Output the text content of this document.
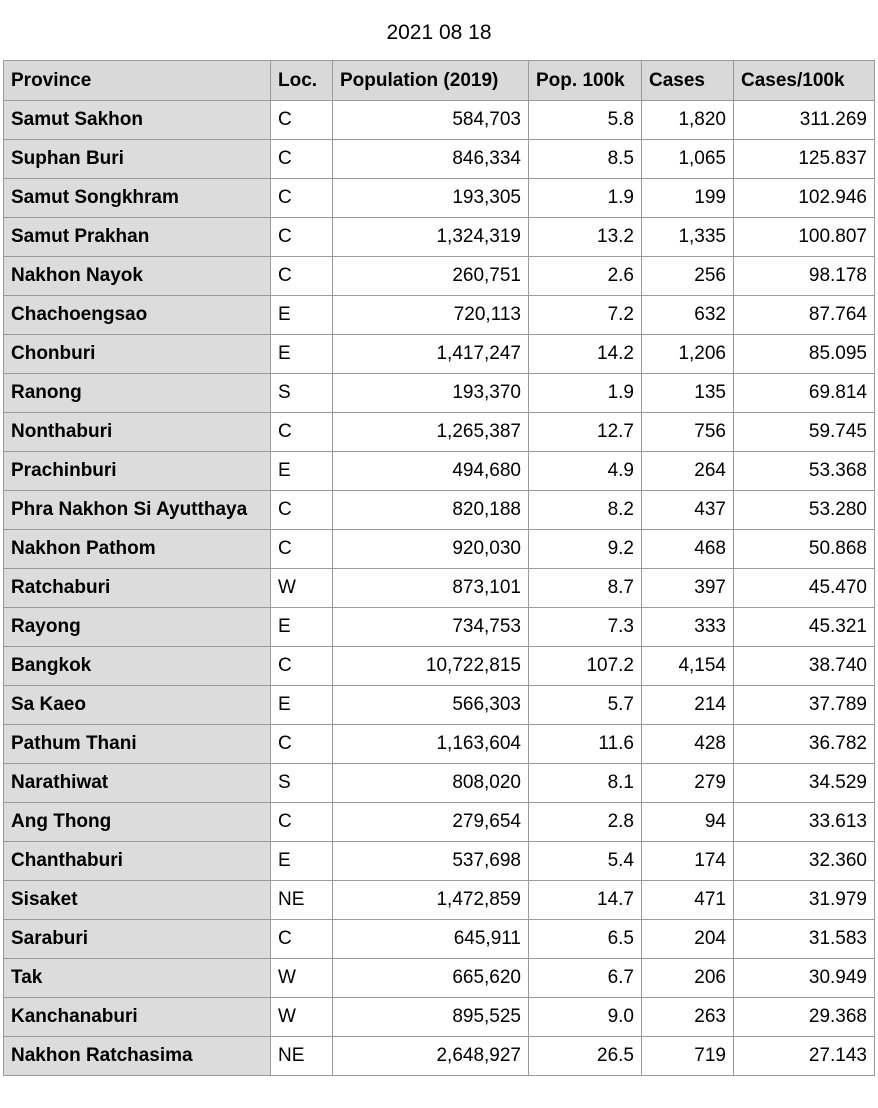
2021 08 18
Province	Loc.	Population (2019)	Pop. 100k	Cases	Cases/100k
Samut Sakhon	C	584,703	5.8	1,820	311.269
Suphan Buri	C	846,334	8.5	1,065	125.837
Samut Songkhram	C	193,305	1.9	199	102.946
Samut Prakhan	C	1,324,319	13.2	1,335	100.807
Nakhon Nayok	C	260,751	2.6	256	98.178
Chachoengsao	E	720,113	7.2	632	87.764
Chonburi	E	1,417,247	14.2	1,206	85.095
Ranong	S	193,370	1.9	135	69.814
Nonthaburi	C	1,265,387	12.7	756	59.745
Prachinburi	E	494,680	4.9	264	53.368
Phra Nakhon Si Ayutthaya	C	820,188	8.2	437	53.280
Nakhon Pathom	C	920,030	9.2	468	50.868
Ratchaburi	W	873,101	8.7	397	45.470
Rayong	E	734,753	7.3	333	45.321
Bangkok	C	10,722,815	107.2	4,154	38.740
Sa Kaeo	E	566,303	5.7	214	37.789
Pathum Thani	C	1,163,604	11.6	428	36.782
Narathiwat	S	808,020	8.1	279	34.529
Ang Thong	C	279,654	2.8	94	33.613
Chanthaburi	E	537,698	5.4	174	32.360
Sisaket	NE	1,472,859	14.7	471	31.979
Saraburi	C	645,911	6.5	204	31.583
Tak	W	665,620	6.7	206	30.949
Kanchanaburi	W	895,525	9.0	263	29.368
Nakhon Ratchasima	NE	2,648,927	26.5	719	27.143
